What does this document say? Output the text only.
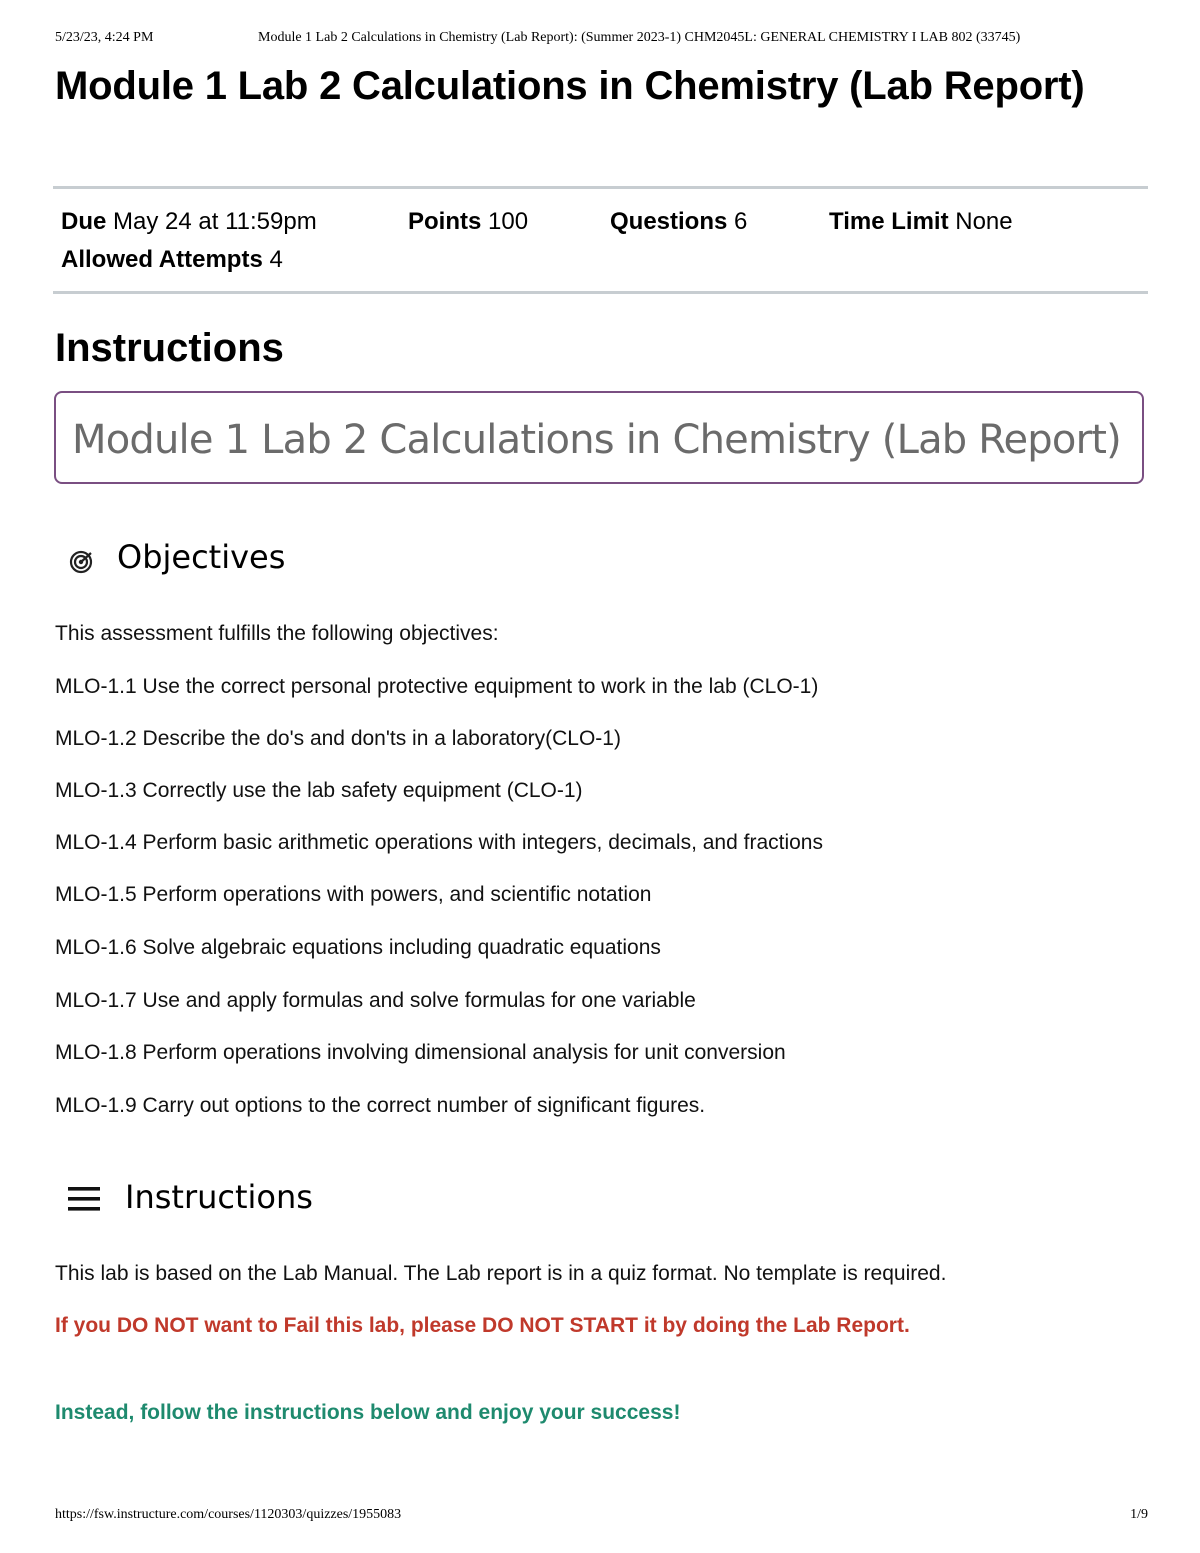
5/23/23, 4:24 PM	Module 1 Lab 2 Calculations in Chemistry (Lab Report): (Summer 2023-1) CHM2045L: GENERAL CHEMISTRY I LAB 802 (33745)
Module 1 Lab 2 Calculations in Chemistry (Lab Report)
Due May 24 at 11:59pm	Points 100	Questions 6	Time Limit None
Allowed Attempts 4
Instructions
Module 1 Lab 2 Calculations in Chemistry (Lab Report)
Objectives
This assessment fulfills the following objectives:
MLO-1.1 Use the correct personal protective equipment to work in the lab (CLO-1)
MLO-1.2 Describe the do's and don'ts in a laboratory(CLO-1)
MLO-1.3 Correctly use the lab safety equipment (CLO-1)
MLO-1.4 Perform basic arithmetic operations with integers, decimals, and fractions
MLO-1.5 Perform operations with powers, and scientific notation
MLO-1.6 Solve algebraic equations including quadratic equations
MLO-1.7 Use and apply formulas and solve formulas for one variable
MLO-1.8 Perform operations involving dimensional analysis for unit conversion
MLO-1.9 Carry out options to the correct number of significant figures.
Instructions
This lab is based on the Lab Manual. The Lab report is in a quiz format. No template is required.
If you DO NOT want to Fail this lab, please DO NOT START it by doing the Lab Report.
Instead, follow the instructions below and enjoy your success!
https://fsw.instructure.com/courses/1120303/quizzes/1955083	1/9
